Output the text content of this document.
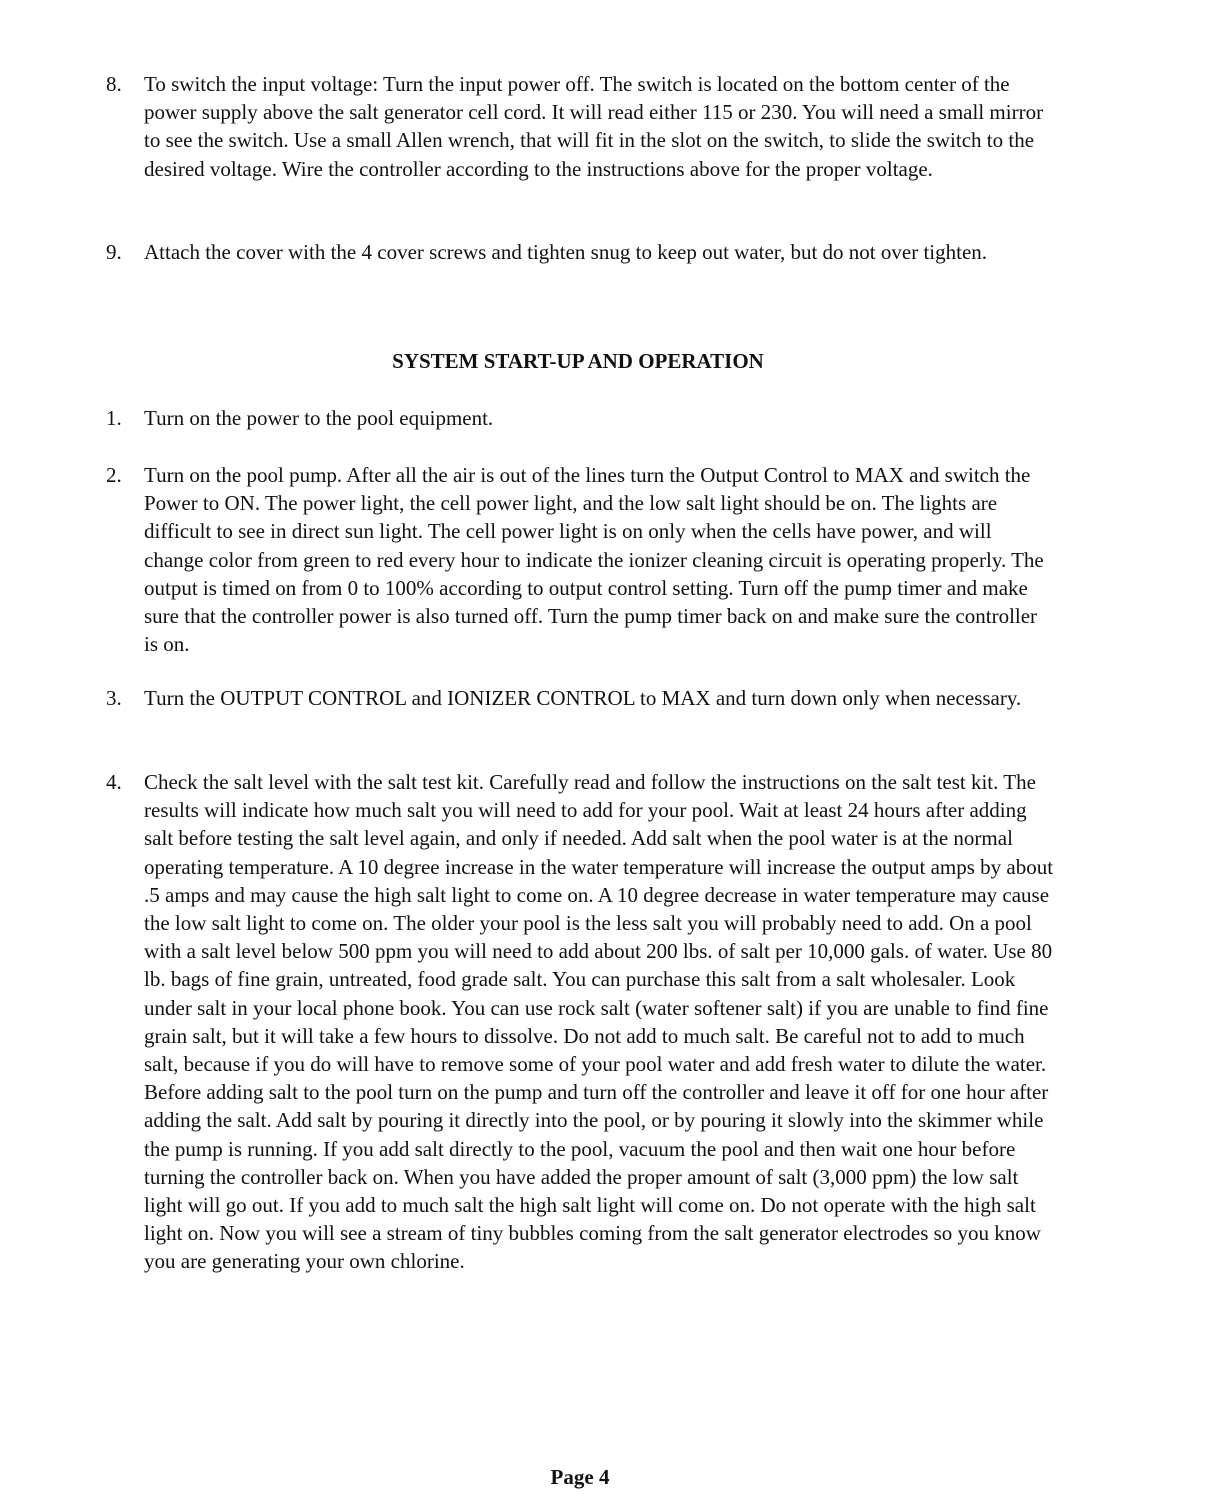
8.	To switch the input voltage: Turn the input power off. The switch is located on the bottom center of the power supply above the salt generator cell cord. It will read either 115 or 230. You will need a small mirror to see the switch. Use a small Allen wrench, that will fit in the slot on the switch, to slide the switch to the desired voltage. Wire the controller according to the instructions above for the proper voltage.
9.	Attach the cover with the 4 cover screws and tighten snug to keep out water, but do not over tighten.
SYSTEM START-UP AND OPERATION
1.	Turn on the power to the pool equipment.
2.	Turn on the pool pump. After all the air is out of the lines turn the Output Control to MAX and switch the Power to ON. The power light, the cell power light, and the low salt light should be on. The lights are difficult to see in direct sun light. The cell power light is on only when the cells have power, and will change color from green to red every hour to indicate the ionizer cleaning circuit is operating properly. The output is timed on from 0 to 100% according to output control setting. Turn off the pump timer and make sure that the controller power is also turned off. Turn the pump timer back on and make sure the controller is on.
3.	Turn the OUTPUT CONTROL and IONIZER CONTROL to MAX and turn down only when necessary.
4.	Check the salt level with the salt test kit. Carefully read and follow the instructions on the salt test kit. The results will indicate how much salt you will need to add for your pool. Wait at least 24 hours after adding salt before testing the salt level again, and only if needed. Add salt when the pool water is at the normal operating temperature. A 10 degree increase in the water temperature will increase the output amps by about .5 amps and may cause the high salt light to come on. A 10 degree decrease in water temperature may cause the low salt light to come on. The older your pool is the less salt you will probably need to add. On a pool with a salt level below 500 ppm you will need to add about 200 lbs. of salt per 10,000 gals. of water. Use 80 lb. bags of fine grain, untreated, food grade salt. You can purchase this salt from a salt wholesaler. Look under salt in your local phone book. You can use rock salt (water softener salt) if you are unable to find fine grain salt, but it will take a few hours to dissolve. Do not add to much salt. Be careful not to add to much salt, because if you do will have to remove some of your pool water and add fresh water to dilute the water. Before adding salt to the pool turn on the pump and turn off the controller and leave it off for one hour after adding the salt. Add salt by pouring it directly into the pool, or by pouring it slowly into the skimmer while the pump is running. If you add salt directly to the pool, vacuum the pool and then wait one hour before turning the controller back on. When you have added the proper amount of salt (3,000 ppm) the low salt light will go out. If you add to much salt the high salt light will come on. Do not operate with the high salt light on. Now you will see a stream of tiny bubbles coming from the salt generator electrodes so you know you are generating your own chlorine.
Page 4
